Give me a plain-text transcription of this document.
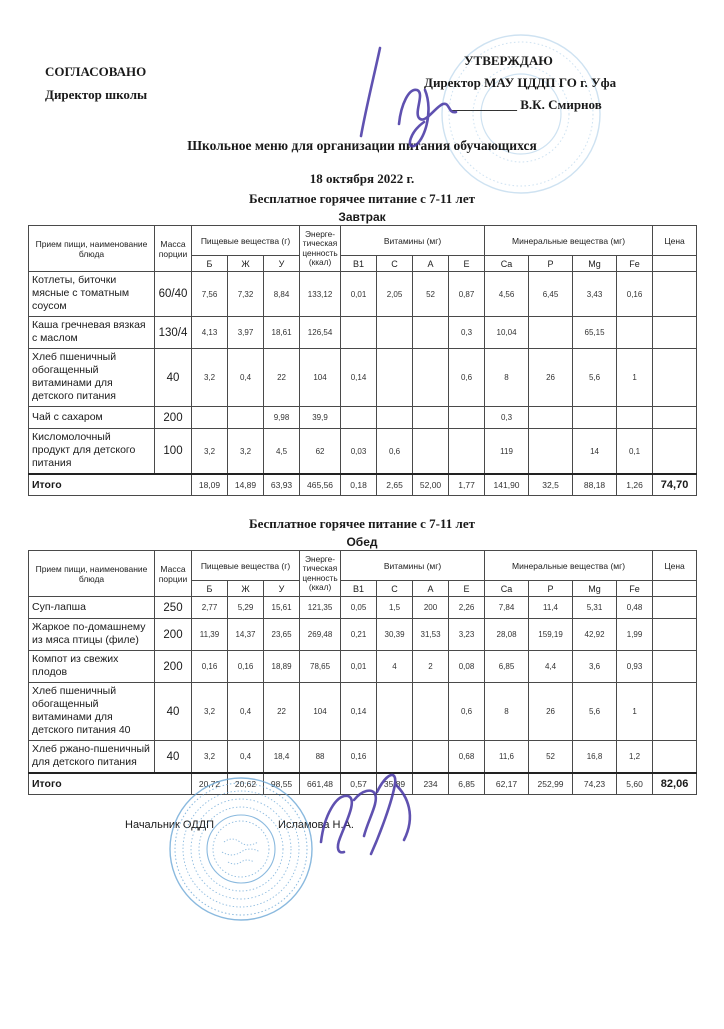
СОГЛАСОВАНО
Директор школы
УТВЕРЖДАЮ
Директор МАУ ЦДДП ГО г. Уфа
__________ В.К. Смирнов
Школьное меню для организации питания обучающихся
18 октября 2022 г.
Бесплатное горячее питание с 7-11 лет
Завтрак
Прием пищи, наименование блюда	Масса порции	Пищевые вещества (г)			Энерге- тическая ценность (ккал)	Витамины (мг)				Минеральные вещества (мг)				Цена
		Б	Ж	У		B1	C	A	E	Ca	P	Mg	Fe	
Котлеты, биточки мясные с томатным соусом	60/40	7,56	7,32	8,84	133,12	0,01	2,05	52	0,87	4,56	6,45	3,43	0,16	
Каша гречневая вязкая с маслом	130/4	4,13	3,97	18,61	126,54				0,3	10,04		65,15		
Хлеб пшеничный обогащенный витаминами для детского питания	40	3,2	0,4	22	104	0,14			0,6	8	26	5,6	1	
Чай с сахаром	200			9,98	39,9					0,3				
Кисломолочный продукт для детского питания	100	3,2	3,2	4,5	62	0,03	0,6			119		14	0,1	
Итого		18,09	14,89	63,93	465,56	0,18	2,65	52,00	1,77	141,90	32,5	88,18	1,26	74,70
Бесплатное горячее питание с 7-11 лет
Обед
Прием пищи, наименование блюда	Масса порции	Пищевые вещества (г)			Энерге- тическая ценность (ккал)	Витамины (мг)				Минеральные вещества (мг)				Цена
		Б	Ж	У		B1	C	A	E	Ca	P	Mg	Fe	
Суп-лапша	250	2,77	5,29	15,61	121,35	0,05	1,5	200	2,26	7,84	11,4	5,31	0,48	
Жаркое по-домашнему из мяса птицы (филе)	200	11,39	14,37	23,65	269,48	0,21	30,39	31,53	3,23	28,08	159,19	42,92	1,99	
Компот из свежих плодов	200	0,16	0,16	18,89	78,65	0,01	4	2	0,08	6,85	4,4	3,6	0,93	
Хлеб пшеничный обогащенный витаминами для детского питания 40	40	3,2	0,4	22	104	0,14			0,6	8	26	5,6	1	
Хлеб ржано-пшеничный для детского питания	40	3,2	0,4	18,4	88	0,16			0,68	11,6	52	16,8	1,2	
Итого		20,72	20,62	98,55	661,48	0,57	35,89	234	6,85	62,17	252,99	74,23	5,60	82,06
Начальник ОДДП	Исламова Н.А.
